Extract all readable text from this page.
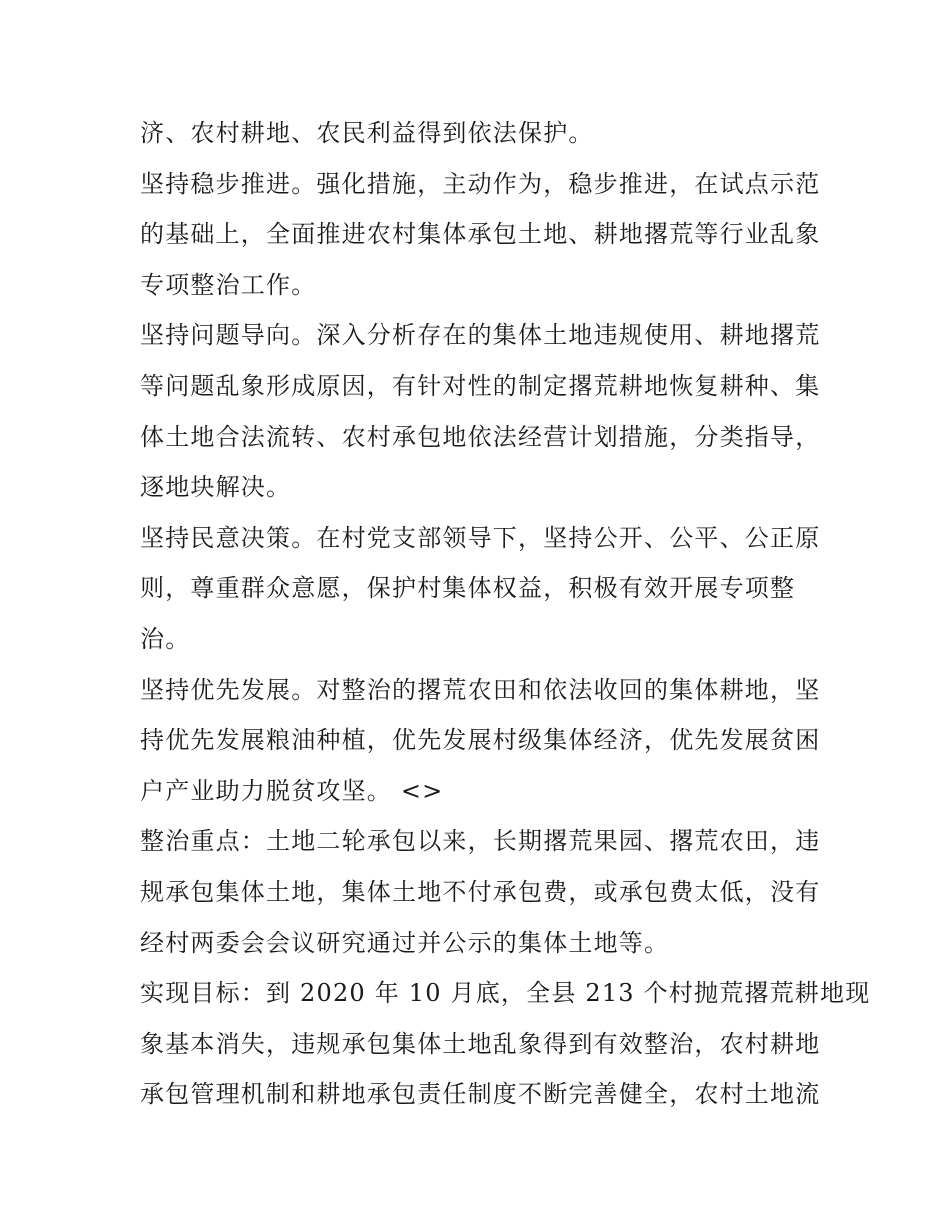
济、农村耕地、农民利益得到依法保护。
坚持稳步推进。强化措施，主动作为，稳步推进，在试点示范
的基础上，全面推进农村集体承包土地、耕地撂荒等行业乱象
专项整治工作。
坚持问题导向。深入分析存在的集体土地违规使用、耕地撂荒
等问题乱象形成原因，有针对性的制定撂荒耕地恢复耕种、集
体土地合法流转、农村承包地依法经营计划措施，分类指导，
逐地块解决。
坚持民意决策。在村党支部领导下，坚持公开、公平、公正原
则，尊重群众意愿，保护村集体权益，积极有效开展专项整
治。
坚持优先发展。对整治的撂荒农田和依法收回的集体耕地，坚
持优先发展粮油种植，优先发展村级集体经济，优先发展贫困
户产业助力脱贫攻坚。 <>
整治重点：土地二轮承包以来，长期撂荒果园、撂荒农田，违
规承包集体土地，集体土地不付承包费，或承包费太低，没有
经村两委会会议研究通过并公示的集体土地等。
实现目标：到 2020 年 10 月底，全县 213 个村抛荒撂荒耕地现
象基本消失，违规承包集体土地乱象得到有效整治，农村耕地
承包管理机制和耕地承包责任制度不断完善健全，农村土地流
